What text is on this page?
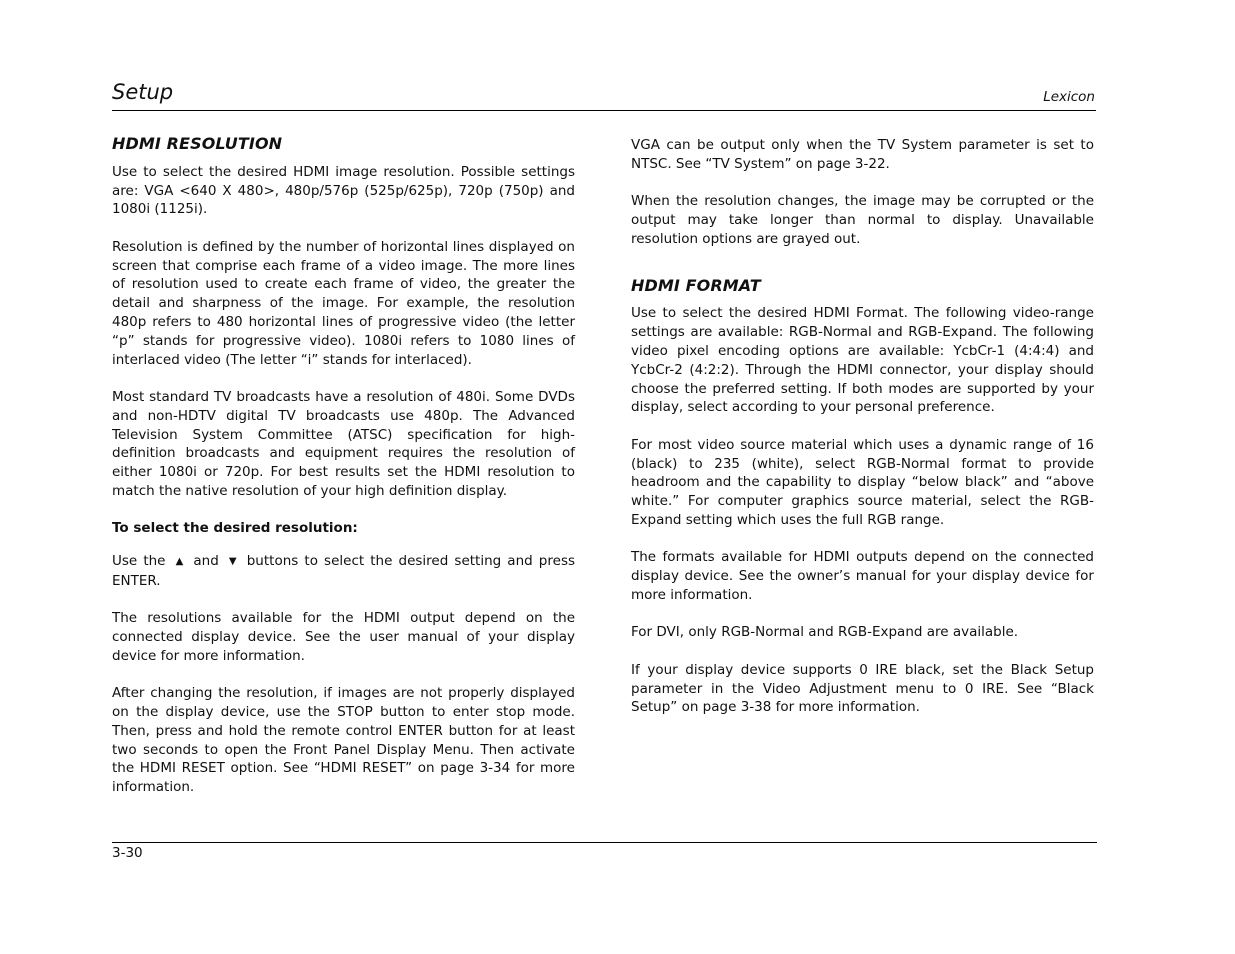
Setup	Lexicon
HDMI RESOLUTION

Use to select the desired HDMI image resolution. Possible settings are: VGA <640 X 480>, 480p/576p (525p/625p), 720p (750p) and 1080i (1125i).

Resolution is defined by the number of horizontal lines displayed on screen that comprise each frame of a video image. The more lines of resolution used to create each frame of video, the greater the detail and sharpness of the image. For example, the resolution 480p refers to 480 horizontal lines of progressive video (the letter “p” stands for progressive video). 1080i refers to 1080 lines of interlaced video (The letter “i” stands for interlaced).

Most standard TV broadcasts have a resolution of 480i. Some DVDs and non-HDTV digital TV broadcasts use 480p. The Advanced Television System Committee (ATSC) specification for high-definition broadcasts and equipment requires the resolution of either 1080i or 720p. For best results set the HDMI resolution to match the native resolution of your high definition display.

To select the desired resolution:

Use the ▲ and ▼ buttons to select the desired setting and press ENTER.

The resolutions available for the HDMI output depend on the connected display device. See the user manual of your display device for more information.

After changing the resolution, if images are not properly displayed on the display device, use the STOP button to enter stop mode. Then, press and hold the remote control ENTER button for at least two seconds to open the Front Panel Display Menu. Then activate the HDMI RESET option. See “HDMI RESET” on page 3-34 for more information.

VGA can be output only when the TV System parameter is set to NTSC. See “TV System” on page 3-22.

When the resolution changes, the image may be corrupted or the output may take longer than normal to display. Unavailable resolution options are grayed out.

HDMI FORMAT

Use to select the desired HDMI Format. The following video-range settings are available: RGB-Normal and RGB-Expand. The following video pixel encoding options are available: YcbCr-1 (4:4:4) and YcbCr-2 (4:2:2). Through the HDMI connector, your display should choose the preferred setting. If both modes are supported by your display, select according to your personal preference.

For most video source material which uses a dynamic range of 16 (black) to 235 (white), select RGB-Normal format to provide headroom and the capability to display “below black” and “above white.” For computer graphics source material, select the RGB-Expand setting which uses the full RGB range.

The formats available for HDMI outputs depend on the connected display device. See the owner’s manual for your display device for more information.

For DVI, only RGB-Normal and RGB-Expand are available.

If your display device supports 0 IRE black, set the Black Setup parameter in the Video Adjustment menu to 0 IRE. See “Black Setup” on page 3-38 for more information.

3-30
